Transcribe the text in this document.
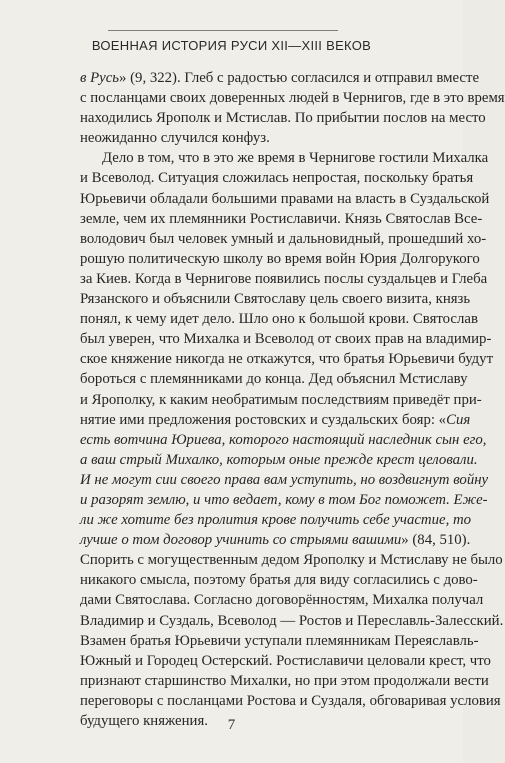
ВОЕННАЯ ИСТОРИЯ РУСИ XII—XIII ВЕКОВ
в Русь» (9, 322). Глеб с радостью согласился и отправил вместе
с посланцами своих доверенных людей в Чернигов, где в это время
находились Ярополк и Мстислав. По прибытии послов на место
неожиданно случился конфуз.
Дело в том, что в это же время в Чернигове гостили Михалка
и Всеволод. Ситуация сложилась непростая, поскольку братья
Юрьевичи обладали большими правами на власть в Суздальской
земле, чем их племянники Ростиславичи. Князь Святослав Все-
володович был человек умный и дальновидный, прошедший хо-
рошую политическую школу во время войн Юрия Долгорукого
за Киев. Когда в Чернигове появились послы суздальцев и Глеба
Рязанского и объяснили Святославу цель своего визита, князь
понял, к чему идет дело. Шло оно к большой крови. Святослав
был уверен, что Михалка и Всеволод от своих прав на владимир-
ское княжение никогда не откажутся, что братья Юрьевичи будут
бороться с племянниками до конца. Дед объяснил Мстиславу
и Ярополку, к каким необратимым последствиям приведёт при-
нятие ими предложения ростовских и суздальских бояр: «Сия
есть вотчина Юриева, которого настоящий наследник сын его,
а ваш стрый Михалко, которым оные прежде крест целовали.
И не могут сии своего права вам уступить, но воздвигнут войну
и разорят землю, и что ведает, кому в том Бог поможет. Еже-
ли же хотите без пролития крове получить себе участие, то
лучше о том договор учинить со стрыями вашими» (84, 510).
Спорить с могущественным дедом Ярополку и Мстиславу не было
никакого смысла, поэтому братья для виду согласились с дово-
дами Святослава. Согласно договорённостям, Михалка получал
Владимир и Суздаль, Всеволод — Ростов и Переславль-Залесский.
Взамен братья Юрьевичи уступали племянникам Переяславль-
Южный и Городец Остерский. Ростиславичи целовали крест, что
признают старшинство Михалки, но при этом продолжали вести
переговоры с посланцами Ростова и Суздаля, обговаривая условия
будущего княжения.	7
